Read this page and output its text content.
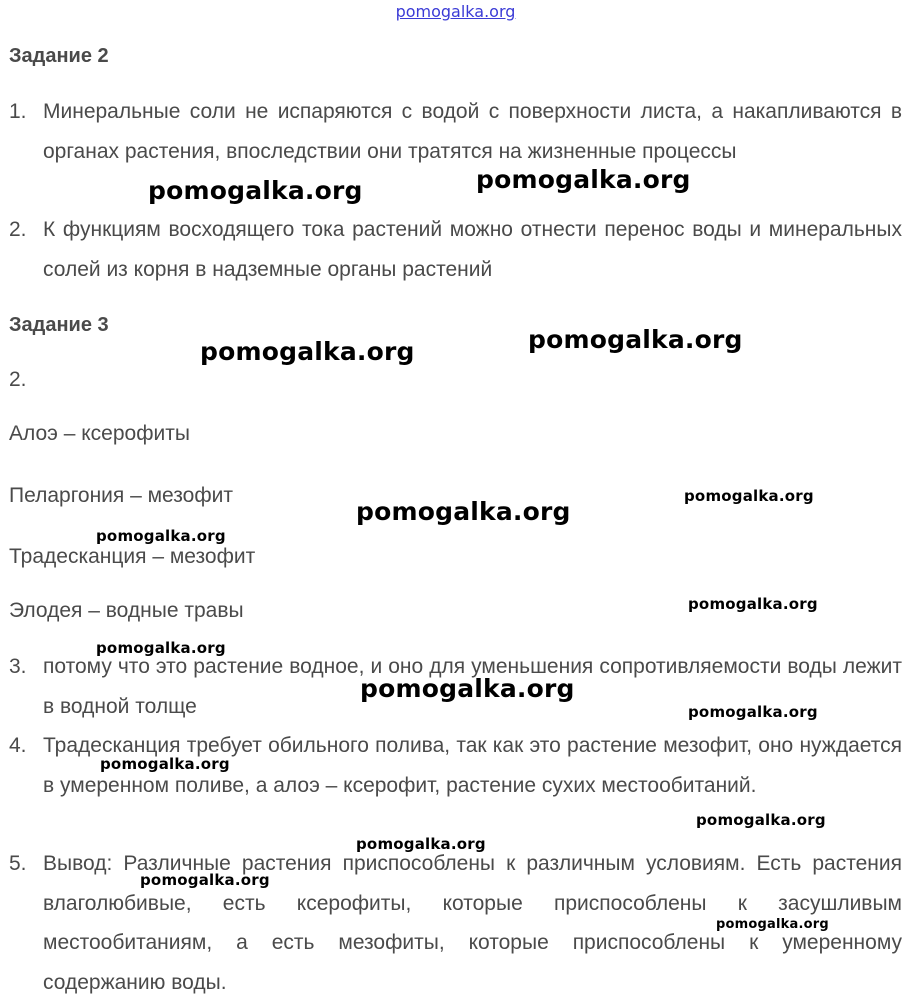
pomogalka.org
Задание 2
1. Минеральные соли не испаряются с водой с поверхности листа, а накапливаются в органах растения, впоследствии они тратятся на жизненные процессы
2. К функциям восходящего тока растений можно отнести перенос воды и минеральных солей из корня в надземные органы растений
Задание 3
2.
Алоэ – ксерофиты
Пеларгония – мезофит
Традесканция – мезофит
Элодея – водные травы
3. потому что это растение водное, и оно для уменьшения сопротивляемости воды лежит в водной толще
4. Традесканция требует обильного полива, так как это растение мезофит, оно нуждается в умеренном поливе, а алоэ – ксерофит, растение сухих местообитаний.
5. Вывод: Различные растения приспособлены к различным условиям. Есть растения влаголюбивые, есть ксерофиты, которые приспособлены к засушливым местообитаниям, а есть мезофиты, которые приспособлены к умеренному содержанию воды.
pomogalka.org	pomogalka.org
pomogalka.org	pomogalka.org
pomogalka.org
pomogalka.org
pomogalka.org
pomogalka.org
pomogalka.org
pomogalka.org
pomogalka.org
pomogalka.org
pomogalka.org
pomogalka.org
pomogalka.org
pomogalka.org
